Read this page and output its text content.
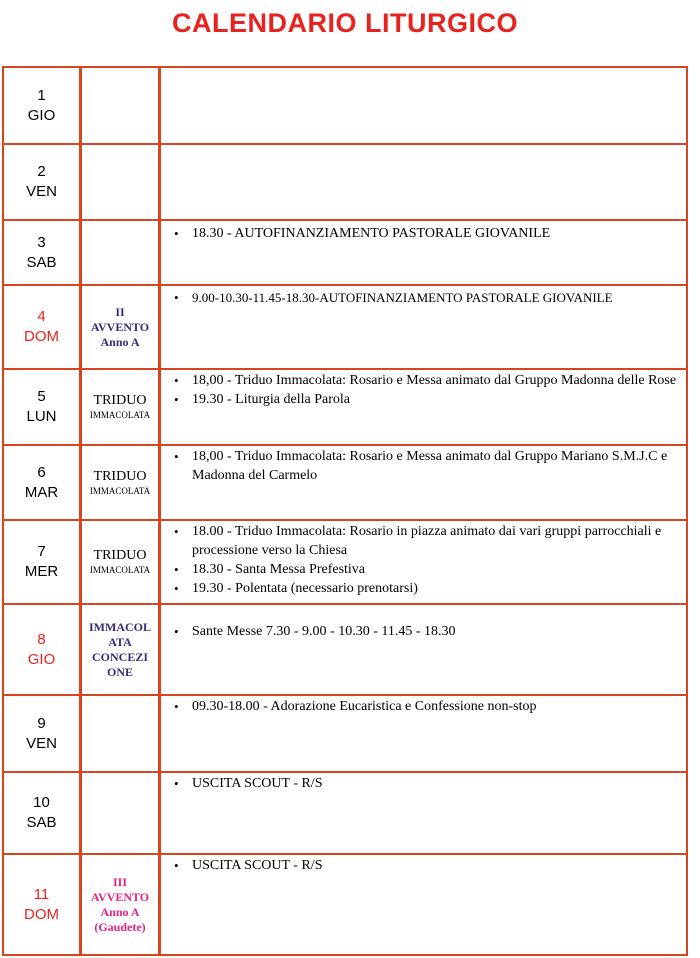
CALENDARIO LITURGICO
1
GIO
2
VEN
3
SAB
• 18.30 - AUTOFINANZIAMENTO PASTORALE GIOVANILE
4
DOM
II
AVVENTO
Anno A
• 9.00-10.30-11.45-18.30-AUTOFINANZIAMENTO PASTORALE GIOVANILE
5
LUN
TRIDUO
IMMACOLATA
• 18,00 - Triduo Immacolata: Rosario e Messa animato dal Gruppo Madonna delle Rose
• 19.30 - Liturgia della Parola
6
MAR
TRIDUO
IMMACOLATA
• 18,00 - Triduo Immacolata: Rosario e Messa animato dal Gruppo Mariano S.M.J.C e Madonna del Carmelo
7
MER
TRIDUO
IMMACOLATA
• 18.00 - Triduo Immacolata: Rosario in piazza animato dai vari gruppi parrocchiali e processione verso la Chiesa
• 18.30 - Santa Messa Prefestiva
• 19.30 - Polentata (necessario prenotarsi)
8
GIO
IMMACOL
ATA
CONCEZI
ONE
• Sante Messe 7.30 - 9.00 - 10.30 - 11.45 - 18.30
9
VEN
• 09.30-18.00 - Adorazione Eucaristica e Confessione non-stop
10
SAB
• USCITA SCOUT - R/S
11
DOM
III
AVVENTO
Anno A
(Gaudete)
• USCITA SCOUT - R/S
